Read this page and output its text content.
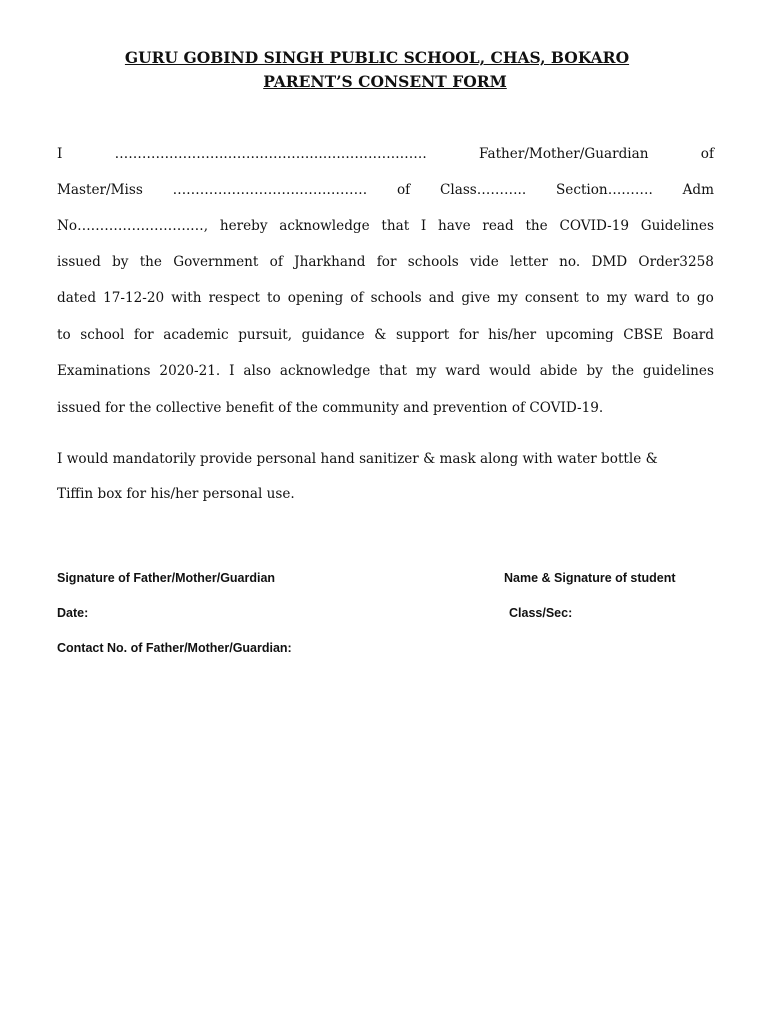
GURU GOBIND SINGH PUBLIC SCHOOL, CHAS, BOKARO
PARENT’S CONSENT FORM
I	…………………….………………….………………….	Father/Mother/Guardian	of
Master/Miss ……………………….…………… of Class……….. Section………. Adm
No…………………….…, hereby acknowledge that I have read the COVID-19 Guidelines
issued by the Government of Jharkhand for schools vide letter no. DMD Order3258
dated 17-12-20 with respect to opening of schools and give my consent to my ward to go
to school for academic pursuit, guidance & support for his/her upcoming CBSE Board
Examinations 2020-21. I also acknowledge that my ward would abide by the guidelines
issued for the collective benefit of the community and prevention of COVID-19.
I would mandatorily provide personal hand sanitizer & mask along with water bottle &
Tiffin box for his/her personal use.
Signature of Father/Mother/Guardian	Name & Signature of student
Date:	Class/Sec:
Contact No. of Father/Mother/Guardian:
